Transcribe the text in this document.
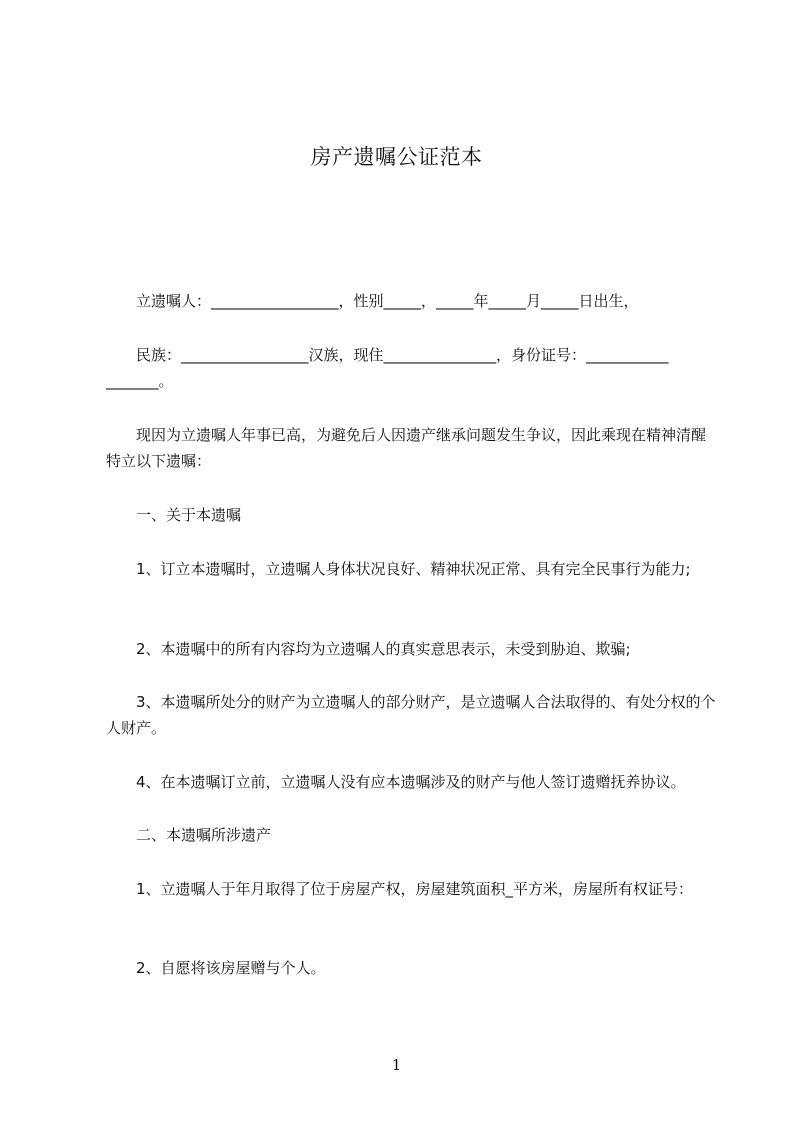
房产遗嘱公证范本
立遗嘱人：_________________，性别_____，_____年_____月_____日出生，
民族：_________________汉族，现住_______________，身份证号：___________ _______。
现因为立遗嘱人年事已高，为避免后人因遗产继承问题发生争议，因此乘现在精神清醒特立以下遗嘱：
一、关于本遗嘱
1、订立本遗嘱时，立遗嘱人身体状况良好、精神状况正常、具有完全民事行为能力;
2、本遗嘱中的所有内容均为立遗嘱人的真实意思表示，未受到胁迫、欺骗;
3、本遗嘱所处分的财产为立遗嘱人的部分财产，是立遗嘱人合法取得的、有处分权的个人财产。
4、在本遗嘱订立前，立遗嘱人没有应本遗嘱涉及的财产与他人签订遗赠抚养协议。
二、本遗嘱所涉遗产
1、立遗嘱人于年月取得了位于房屋产权，房屋建筑面积_平方米，房屋所有权证号：
2、自愿将该房屋赠与个人。
1
